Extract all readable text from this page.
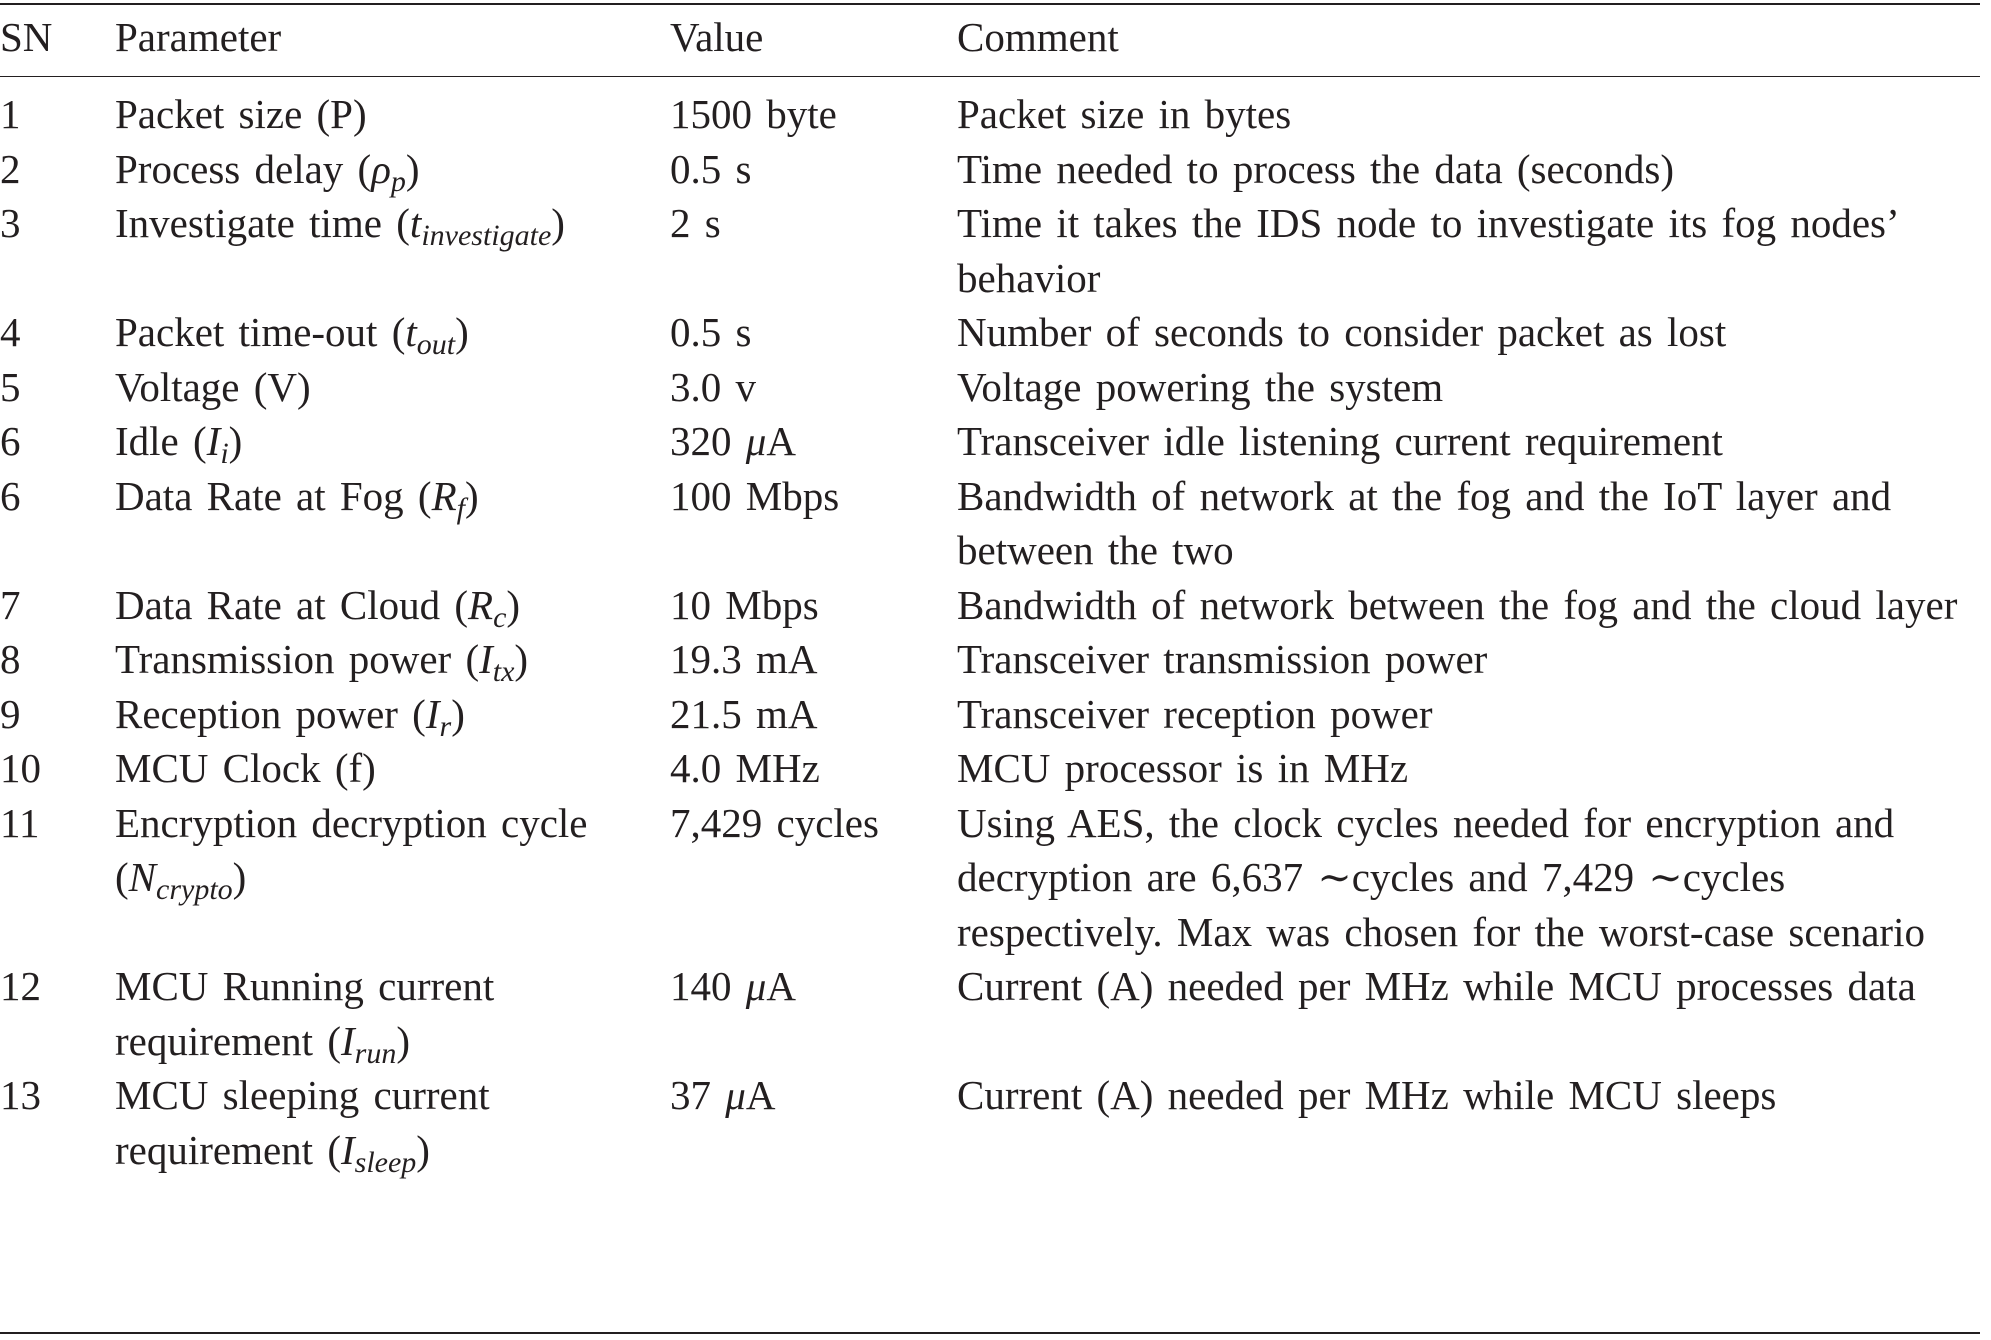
SN	Parameter	Value	Comment
1	Packet size (P)	1500 byte	Packet size in bytes
2	Process delay $(\rho_p)$	0.5 s	Time needed to process the data (seconds)
3	Investigate time $(t_{investigate})$	2 s	Time it takes the IDS node to investigate its fog nodes’ behavior
4	Packet time-out $(t_{out})$	0.5 s	Number of seconds to consider packet as lost
5	Voltage (V)	3.0 v	Voltage powering the system
6	Idle $(I_i)$	320 μA	Transceiver idle listening current requirement
6	Data Rate at Fog $(R_f)$	100 Mbps	Bandwidth of network at the fog and the IoT layer and between the two
7	Data Rate at Cloud $(R_c)$	10 Mbps	Bandwidth of network between the fog and the cloud layer
8	Transmission power $(I_{tx})$	19.3 mA	Transceiver transmission power
9	Reception power $(I_r)$	21.5 mA	Transceiver reception power
10	MCU Clock (f)	4.0 MHz	MCU processor is in MHz
11	Encryption decryption cycle $(N_{crypto})$	7,429 cycles	Using AES, the clock cycles needed for encryption and decryption are 6,637 ∼cycles and 7,429 ∼cycles respectively. Max was chosen for the worst-case scenario
12	MCU Running current requirement $(I_{run})$	140 μA	Current (A) needed per MHz while MCU processes data
13	MCU sleeping current requirement $(I_{sleep})$	37 μA	Current (A) needed per MHz while MCU sleeps
